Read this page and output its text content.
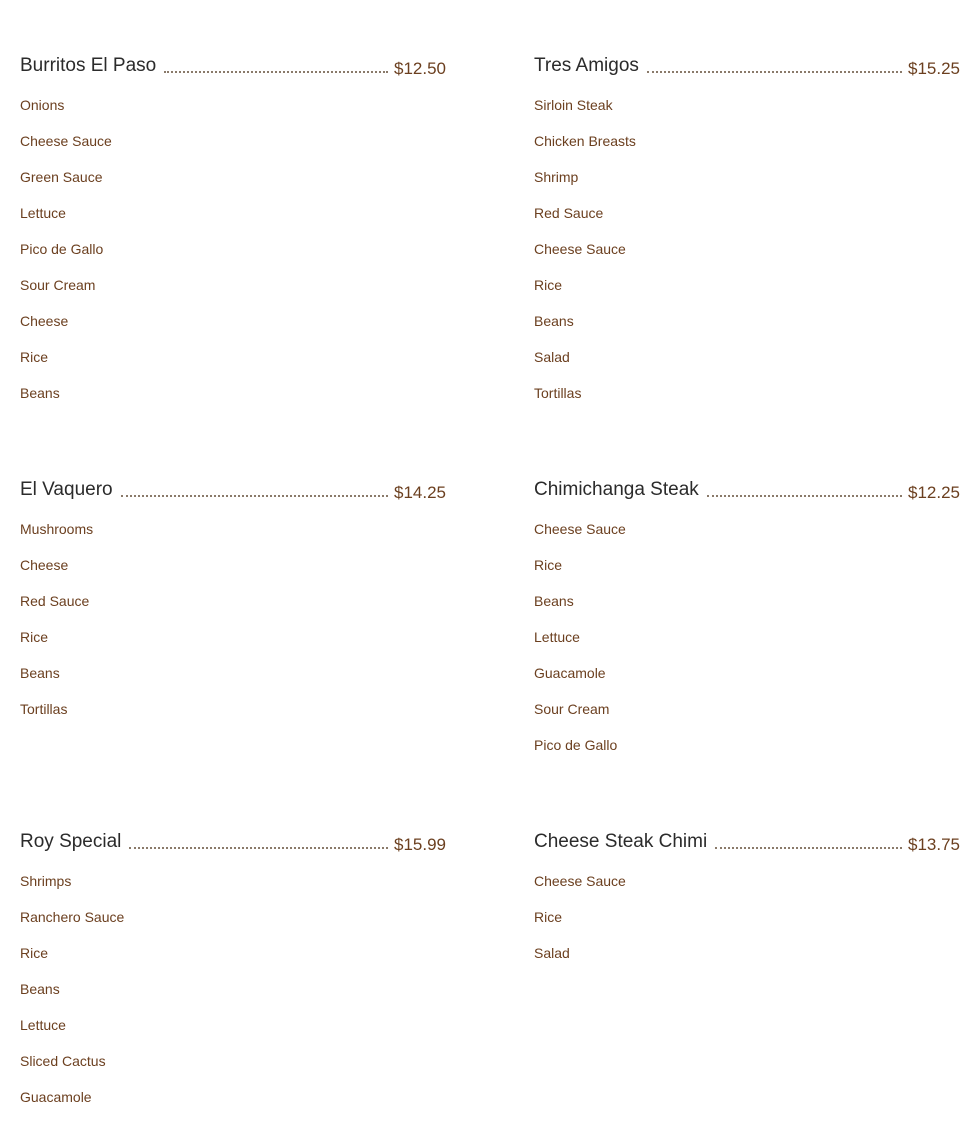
Burritos El Paso	$12.50
Onions
Cheese Sauce
Green Sauce
Lettuce
Pico de Gallo
Sour Cream
Cheese
Rice
Beans
Tres Amigos	$15.25
Sirloin Steak
Chicken Breasts
Shrimp
Red Sauce
Cheese Sauce
Rice
Beans
Salad
Tortillas
El Vaquero	$14.25
Mushrooms
Cheese
Red Sauce
Rice
Beans
Tortillas
Chimichanga Steak	$12.25
Cheese Sauce
Rice
Beans
Lettuce
Guacamole
Sour Cream
Pico de Gallo
Roy Special	$15.99
Shrimps
Ranchero Sauce
Rice
Beans
Lettuce
Sliced Cactus
Guacamole
Cheese Steak Chimi	$13.75
Cheese Sauce
Rice
Salad
